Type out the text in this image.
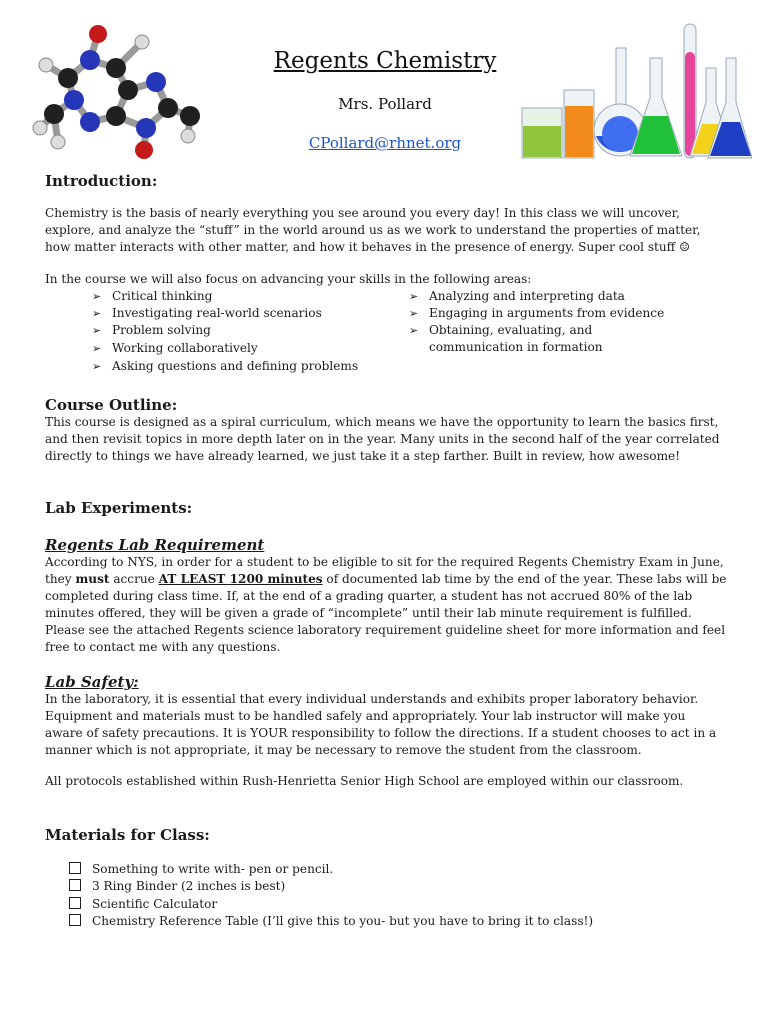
Regents Chemistry
Mrs. Pollard
CPollard@rhnet.org
Introduction:

Chemistry is the basis of nearly everything you see around you every day! In this class we will uncover,

explore, and analyze the “stuff” in the world around us as we work to understand the properties of matter,

how matter interacts with other matter, and how it behaves in the presence of energy. Super cool stuff ☺

In the course we will also focus on advancing your skills in the following areas:

➢ Critical thinking
➢ Investigating real-world scenarios
➢ Problem solving
➢ Working collaboratively
➢ Asking questions and defining problems
➢ Analyzing and interpreting data
➢ Engaging in arguments from evidence
➢ Obtaining, evaluating, and
communication in formation
Course Outline:

This course is designed as a spiral curriculum, which means we have the opportunity to learn the basics first,

and then revisit topics in more depth later on in the year. Many units in the second half of the year correlated

directly to things we have already learned, we just take it a step farther. Built in review, how awesome!

Lab Experiments:
Regents Lab Requirement

According to NYS, in order for a student to be eligible to sit for the required Regents Chemistry Exam in June,

they must accrue AT LEAST 1200 minutes of documented lab time by the end of the year. These labs will be

completed during class time. If, at the end of a grading quarter, a student has not accrued 80% of the lab

minutes offered, they will be given a grade of “incomplete” until their lab minute requirement is fulfilled.

Please see the attached Regents science laboratory requirement guideline sheet for more information and feel

free to contact me with any questions.

Lab Safety:

In the laboratory, it is essential that every individual understands and exhibits proper laboratory behavior.

Equipment and materials must to be handled safely and appropriately. Your lab instructor will make you

aware of safety precautions. It is YOUR responsibility to follow the directions. If a student chooses to act in a

manner which is not appropriate, it may be necessary to remove the student from the classroom.

All protocols established within Rush-Henrietta Senior High School are employed within our classroom.

Materials for Class:
Something to write with- pen or pencil.
3 Ring Binder (2 inches is best)
Scientific Calculator
Chemistry Reference Table (I’ll give this to you- but you have to bring it to class!)
